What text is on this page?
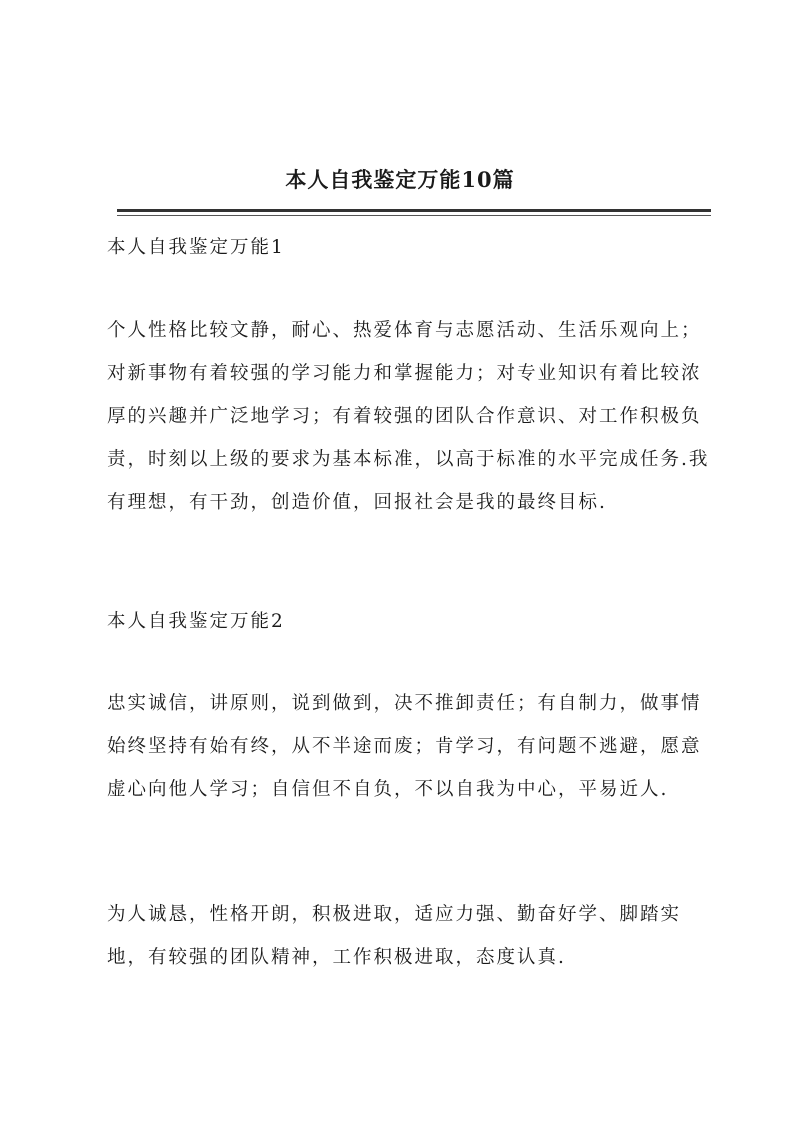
本人自我鉴定万能10篇
本人自我鉴定万能1
个人性格比较文静，耐心、热爱体育与志愿活动、生活乐观向上；对新事物有着较强的学习能力和掌握能力；对专业知识有着比较浓厚的兴趣并广泛地学习；有着较强的团队合作意识、对工作积极负责，时刻以上级的要求为基本标准，以高于标准的水平完成任务.我有理想，有干劲，创造价值，回报社会是我的最终目标.
本人自我鉴定万能2
忠实诚信，讲原则，说到做到，决不推卸责任；有自制力，做事情始终坚持有始有终，从不半途而废；肯学习，有问题不逃避，愿意虚心向他人学习；自信但不自负，不以自我为中心，平易近人.
为人诚恳，性格开朗，积极进取，适应力强、勤奋好学、脚踏实地，有较强的团队精神，工作积极进取，态度认真.
